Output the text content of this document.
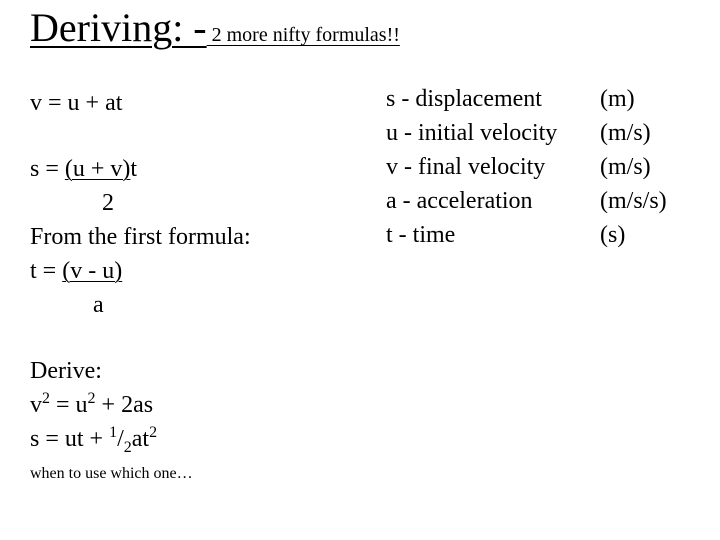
Deriving: - 2 more nifty formulas!!
v = u + at
s = (u + v)t
2
From the first formula:
t = (v - u)
a
Derive:
$v^2 = u^2 + 2as$
s = ut + $^1/_2at^2$
when to use which one…
s - displacement	(m)
u - initial velocity	(m/s)
v - final velocity	(m/s)
a - acceleration	(m/s/s)
t - time	(s)
